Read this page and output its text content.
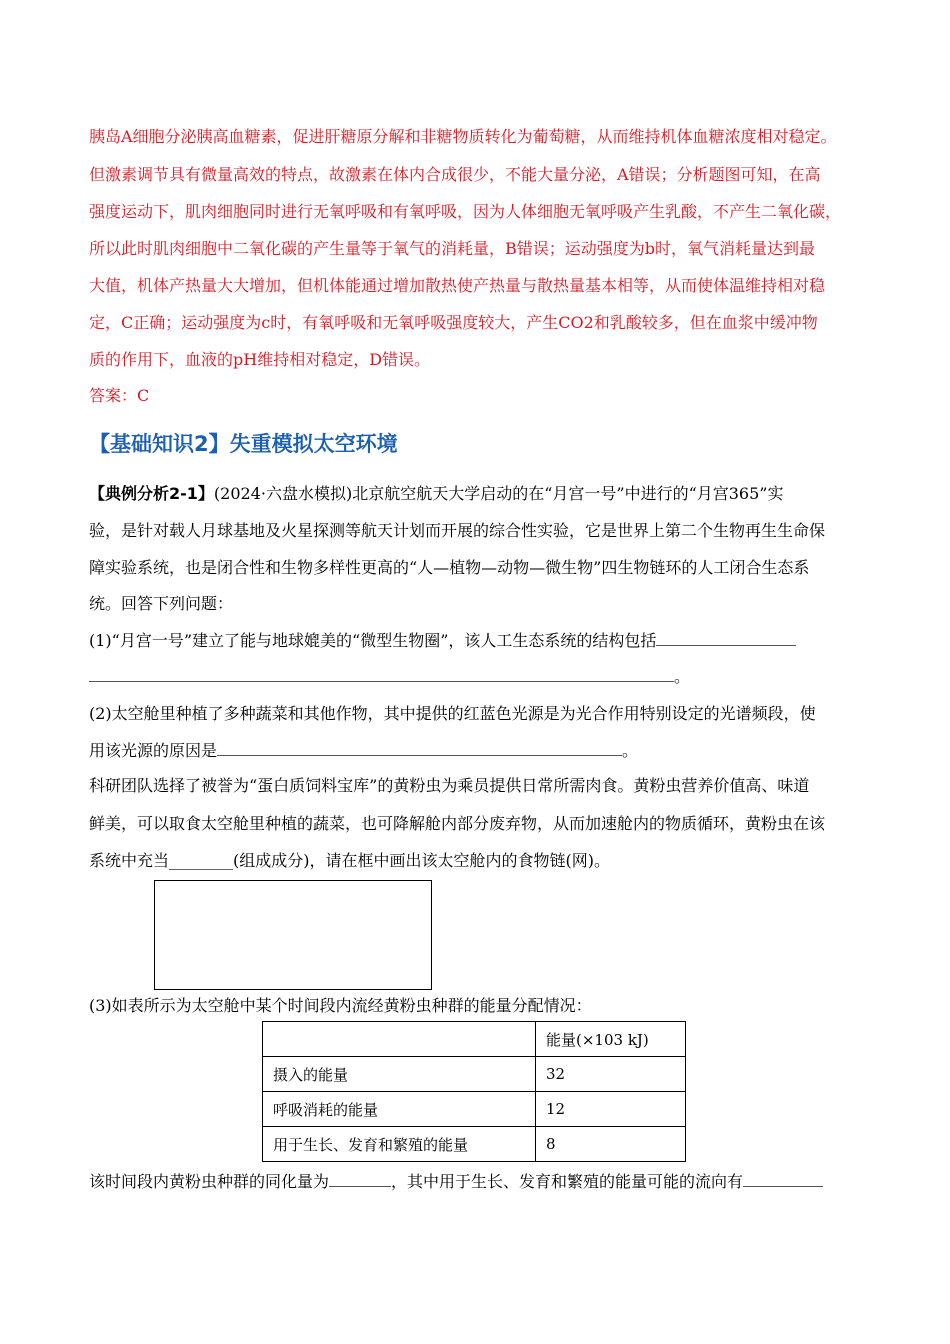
胰岛A细胞分泌胰高血糖素，促进肝糖原分解和非糖物质转化为葡萄糖，从而维持机体血糖浓度相对稳定。
但激素调节具有微量高效的特点，故激素在体内合成很少，不能大量分泌，A错误；分析题图可知，在高
强度运动下，肌肉细胞同时进行无氧呼吸和有氧呼吸，因为人体细胞无氧呼吸产生乳酸，不产生二氧化碳，
所以此时肌肉细胞中二氧化碳的产生量等于氧气的消耗量，B错误；运动强度为b时，氧气消耗量达到最
大值，机体产热量大大增加，但机体能通过增加散热使产热量与散热量基本相等，从而使体温维持相对稳
定，C正确；运动强度为c时，有氧呼吸和无氧呼吸强度较大，产生CO2和乳酸较多，但在血浆中缓冲物
质的作用下，血液的pH维持相对稳定，D错误。
答案：C
【基础知识2】失重模拟太空环境
【典例分析2-1】(2024·六盘水模拟)北京航空航天大学启动的在“月宫一号”中进行的“月宫365”实
验，是针对载人月球基地及火星探测等航天计划而开展的综合性实验，它是世界上第二个生物再生生命保
障实验系统，也是闭合性和生物多样性更高的“人—植物—动物—微生物”四生物链环的人工闭合生态系
统。回答下列问题：
(1)“月宫一号”建立了能与地球媲美的“微型生物圈”，该人工生态系统的结构包括
。
(2)太空舱里种植了多种蔬菜和其他作物，其中提供的红蓝色光源是为光合作用特别设定的光谱频段，使
用该光源的原因是	。
科研团队选择了被誉为“蛋白质饲料宝库”的黄粉虫为乘员提供日常所需肉食。黄粉虫营养价值高、味道
鲜美，可以取食太空舱里种植的蔬菜，也可降解舱内部分废弃物，从而加速舱内的物质循环，黄粉虫在该
系统中充当________(组成成分)，请在框中画出该太空舱内的食物链(网)。
(3)如表所示为太空舱中某个时间段内流经黄粉虫种群的能量分配情况：
	能量(×103 kJ)
摄入的能量	32
呼吸消耗的能量	12
用于生长、发育和繁殖的能量	8
该时间段内黄粉虫种群的同化量为	，其中用于生长、发育和繁殖的能量可能的流向有
